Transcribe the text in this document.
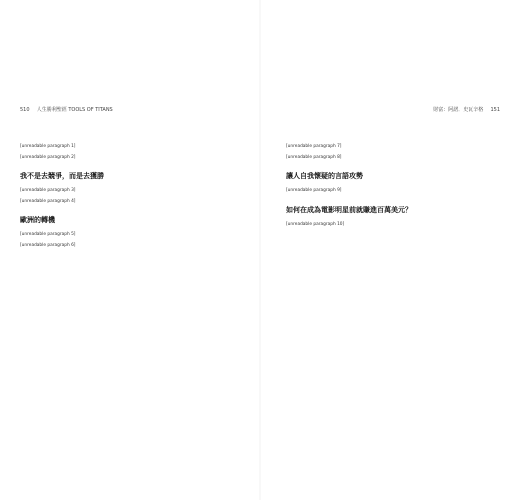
510 人生勝利聖經 TOOLS OF TITANS

[unreadable paragraph 1]

[unreadable paragraph 2]

我不是去競爭，而是去獲勝

[unreadable paragraph 3]

[unreadable paragraph 4]

歐洲的轉機

[unreadable paragraph 5]

[unreadable paragraph 6]

財富：阿諾．史瓦辛格 151

[unreadable paragraph 7]

[unreadable paragraph 8]

讓人自我懷疑的言語攻勢

[unreadable paragraph 9]

如何在成為電影明星前就賺進百萬美元？

[unreadable paragraph 10]
